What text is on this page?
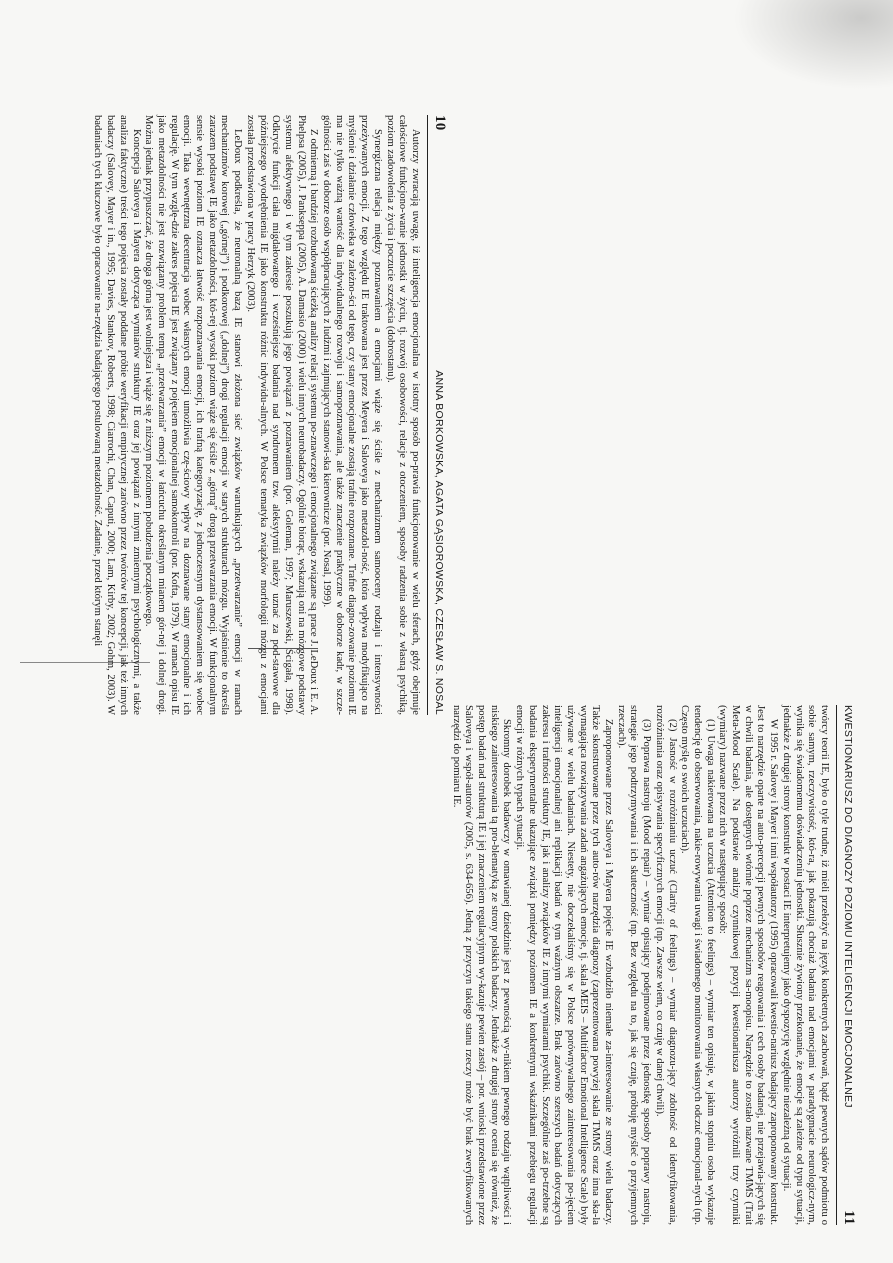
10
ANNA BORKOWSKA, AGATA GĄSIOROWSKA, CZESŁAW S. NOSAL

Autorzy zwracają uwagę, iż inteligencja emocjonalna w istotny sposób po-prawia funkcjonowanie w wielu sferach, gdyż obejmuje całościowe funkcjono-wanie jednostki w życiu, tj. rozwój osobowości, relacje z otoczeniem, sposoby radzenia sobie z własną psychiką, poziom zadowolenia z życia i poczucie szczęścia (dobrostanu).

Synergiczna relacja między poznawaniem a emocjami wiąże się ściśle z mechanizmem samooceny rodzaju i intensywności przeżywanych emocji. Z tego względu IE traktowana jest przez Meyera i Saloveya jako metazdol-ność, która wpływa modyfikująco na myślenie i działanie człowieka w zależno-ści od tego, czy stany emocjonalne zostają trafnie rozpoznane. Trafne diagno-zowanie poziomu IE ma nie tylko ważną wartość dla indywidualnego rozwoju i samopoznawania, ale także znaczenie praktyczne w doborze kadr, w szcze-gólności zaś w doborze osób współpracujących z ludźmi i zajmujących stanowi-ska kierownicze (por. Nosal, 1999).

Z odmienną i bardziej rozbudowaną ścieżką analizy relacji systemu po-znawczego i emocjonalnego związane są prace J. LeDoux i E. A. Phelpsa (2005), J. Pankseppa (2005), A. Damasio (2000) i wielu innych neurobadaczy. Ogólnie biorąc, wskazują oni na mózgowe podstawy systemu afektywnego i w tym zakresie poszukują jego powiązań z poznawaniem (por. Goleman, 1997; Maruszewski, Ścigała, 1998). Odkrycie funkcji ciała migdałowatego i wcześniejsze badania nad syndromem tzw. aleksytymii należy uznać za pod-stawowe dla późniejszego wyodrębnienia IE jako konstruktu różnic indywidu-alnych. W Polsce tematyka związków morfologii mózgu z emocjami została przedstawiona w pracy Herzyk (2003).

LeDoux podkreśla, że neuronalną bazą IE stanowi złożona sieć związków warunkujących „przetwarzanie” emocji w ramach mechanizmów korowej („górnej”) i podkorowej („dolnej”) drogi regulacji emocji w starych strukturach mózgu. Wyjaśnienie to określa zarazem podstawę IE jako metazdolności, któ-rej wysoki poziom wiąże się ściśle z „górną” drogą przetwarzania emocji. W funkcjonalnym sensie wysoki poziom IE oznacza łatwość rozpoznawania emocji, ich trafną kategoryzację, z jednoczesnym dystansowaniem się wobec emocji. Taka wewnętrzna decentracja wobec własnych emocji umożliwia czę-ściowy wpływ na doznawane stany emocjonalne i ich regulację. W tym wzglę-dzie zakres pojęcia IE jest związany z pojęciem emocjonalnej samokontroli (por. Kofta, 1979). W ramach opisu IE jako metazdolności nie jest rozwiązany problem tempa „przetwarzania” emocji w łańcuchu określanym mianem gór-nej i dolnej drogi. Można jednak przypuszczać, że droga górna jest wolniejsza i wiąże się z niższym poziomem pobudzenia początkowego.

Koncepcja Saloveya i Mayera dotycząca wymiarów struktury IE oraz jej powiązań z innymi zmiennymi psychologicznymi, a także analiza faktyczne) treści tego pojęcia zostały poddane próbie weryfikacji empirycznej zarówno przez twórców tej koncepcji, jak też innych badaczy (Salovey, Mayer i in., 1995; Davies, Stankov, Roberts, 1998; Ciarrochi, Chan, Caputi, 2000; Lam, Kirby, 2002; Gohm, 2003). W badaniach tych kluczowe było opracowanie na-rzędzia badającego postulowaną metazdolność. Zadanie, przed którym stanęli

KWESTIONARIUSZ DO DIAGNOZY POZIOMU INTELIGENCJI EMOCJONALNEJ
11

twórcy teorii IE, było o tyle trudne, iż mieli przełożyć na język konkretnych zachowań, bądź pewnych sądów podmiotu o sobie samym, rzeczywistość, któ-ra, jak pokazują chociaż badania nad emocjami w paradygmacie neurologicz-nym, wynika się świadomemu doświadczeniu jednostki. Słusznie żywiony przekonanie, że emocje są zależne od typu sytuacji, jednakże z drugiej strony konstrukt w postaci IE interpretujemy jako dyspozycję względnie niezależną od sytuacji.

W 1995 r. Salovey i Mayer i inni współautorzy (1995) opracowali kwestio-nariusz badający zaproponowany konstrukt. Jest to narzędzie oparte na auto-percepcji pewnych sposobów reagowania i cech osoby badanej, nie przejawia-jących się w chwili badania, ale dostępnych wtórnie poprzez mechanizm sa-moopisu. Narzędzie to zostało nazwane TMMS (Trait Meta-Mood Scale). Na podstawie analizy czynnikowej pozycji kwestionariusza autorzy wyróżnili trzy czynniki (wymiary) nazwane przez nich w następujący sposób:

(1) Uwaga nakierowana na uczucia (Attention to feelings) – wymiar ten opisuje, w jakim stopniu osoba wykazuje tendencję do obserwowania, nakie-rowywania uwagi i świadomego monitorowania własnych odczuć emocjonal-nych (np. Często myślę o swoich uczuciach).

(2) Jasność w rozróżnianiu uczuć (Clarity of feelings) – wymiar diagnozu-jący zdolność od identyfikowania, rozróżniania oraz opisywania specyficznych emocji (np. Zawsze wiem, co czuję w danej chwili).

(3) Poprawa nastroju (Mood repair) – wymiar opisujący podejmowane przez jednostkę sposoby poprawy nastroju, strategie jego podtrzymywania i ich skuteczność (np. Bez względu na to, jak się czuję, próbuję myśleć o przyjemnych rzeczach).

Zaproponowane przez Saloveya i Mayera pojęcie IE wzbudziło niemałe za-interesowanie ze strony wielu badaczy. Także skonstruowane przez tych auto-rów narzędzia diagnozy (zaprezentowana powyżej skala TMMS oraz inna ska-la wymagająca rozwiązywania zadań angażujących emocje, tj. skala MEIS – Multifactor Emotional Intelligence Scale) były używane w wielu badaniach. Niestety, nie doczekaliśmy się w Polsce porównywalnego zainteresowania po-jęciem inteligencji emocjonalnej ani replikacji badań w tym ważnym obszarze. Brak zarówno szerszych badań dotyczących zakresu i trafności struktury IE, jak i analizy związków IE z innymi wymiarami psychiki. Szczególnie zaś po-trzebne są badania eksperymentalne ukazujące związki pomiędzy poziomem IE a konkretnymi wskaźnikami przebiegu regulacji emocji w różnych typach sytuacji.

Skromny dorobek badawczy w omawianej dziedzinie jest z pewnością wy-nikiem pewnego rodzaju wątpliwości i niskiego zainteresowania tą pro-blematyką ze strony polskich badaczy. Jednakże z drugiej strony ocenia się również, że postęp badań nad strukturą IE i jej znaczeniem regulacyjnym wy-kazuje pewien zastój – por. wnioski przedstawione przez Saloveya i współ-autorów (2005, s. 634-656). Jedną z przyczyn takiego stanu rzeczy może być brak zweryfikowanych narzędzi do pomiaru IE.
